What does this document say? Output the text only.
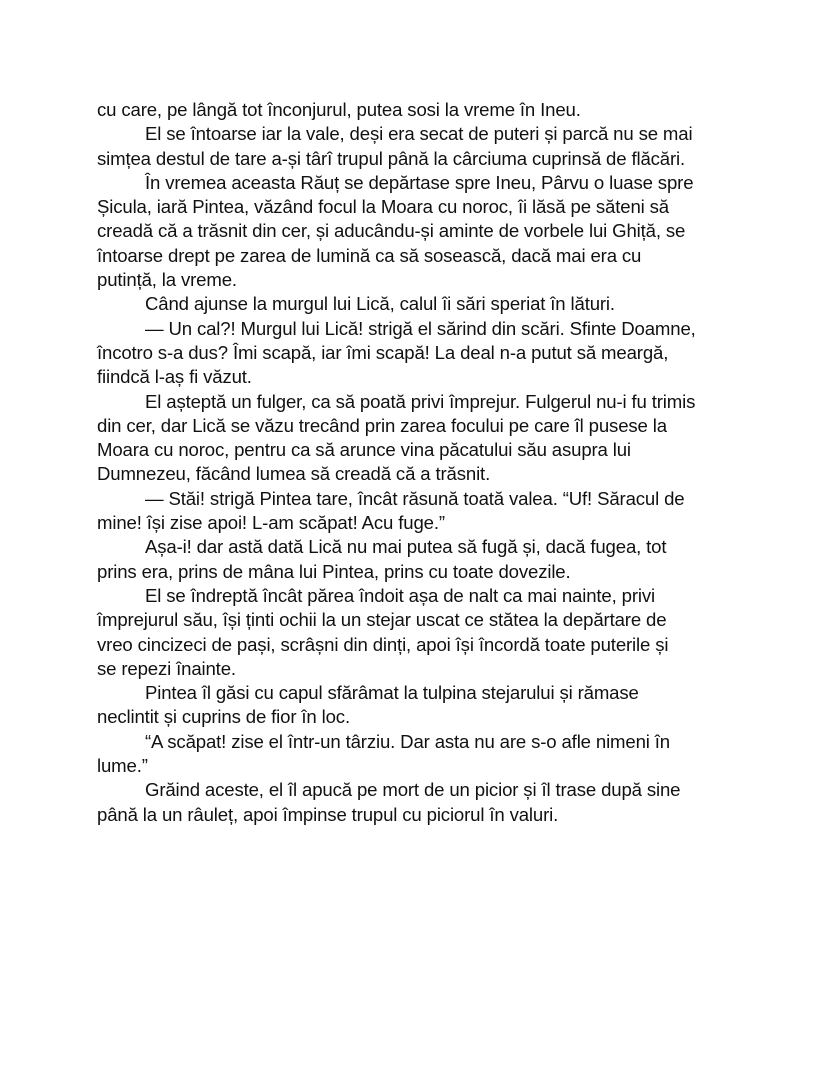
cu care, pe lângă tot înconjurul, putea sosi la vreme în Ineu.
El se întoarse iar la vale, deși era secat de puteri și parcă nu se mai
simțea destul de tare a-și târî trupul până la cârciuma cuprinsă de flăcări.
În vremea aceasta Răuț se depărtase spre Ineu, Pârvu o luase spre
Șicula, iară Pintea, văzând focul la Moara cu noroc, îi lăsă pe săteni să
creadă că a trăsnit din cer, și aducându-și aminte de vorbele lui Ghiță, se
întoarse drept pe zarea de lumină ca să sosească, dacă mai era cu
putință, la vreme.
Când ajunse la murgul lui Lică, calul îi sări speriat în lături.
— Un cal?! Murgul lui Lică! strigă el sărind din scări. Sfinte Doamne,
încotro s-a dus? Îmi scapă, iar îmi scapă! La deal n-a putut să meargă,
fiindcă l-aș fi văzut.
El așteptă un fulger, ca să poată privi împrejur. Fulgerul nu-i fu trimis
din cer, dar Lică se văzu trecând prin zarea focului pe care îl pusese la
Moara cu noroc, pentru ca să arunce vina păcatului său asupra lui
Dumnezeu, făcând lumea să creadă că a trăsnit.
— Stăi! strigă Pintea tare, încât răsună toată valea. “Uf! Săracul de
mine! își zise apoi! L-am scăpat! Acu fuge.”
Așa-i! dar astă dată Lică nu mai putea să fugă și, dacă fugea, tot
prins era, prins de mâna lui Pintea, prins cu toate dovezile.
El se îndreptă încât părea îndoit așa de nalt ca mai nainte, privi
împrejurul său, își ținti ochii la un stejar uscat ce stătea la depărtare de
vreo cincizeci de pași, scrâșni din dinți, apoi își încordă toate puterile și
se repezi înainte.
Pintea îl găsi cu capul sfărâmat la tulpina stejarului și rămase
neclintit și cuprins de fior în loc.
“A scăpat! zise el într-un târziu. Dar asta nu are s-o afle nimeni în
lume.”
Grăind aceste, el îl apucă pe mort de un picior și îl trase după sine
până la un râuleț, apoi împinse trupul cu piciorul în valuri.
